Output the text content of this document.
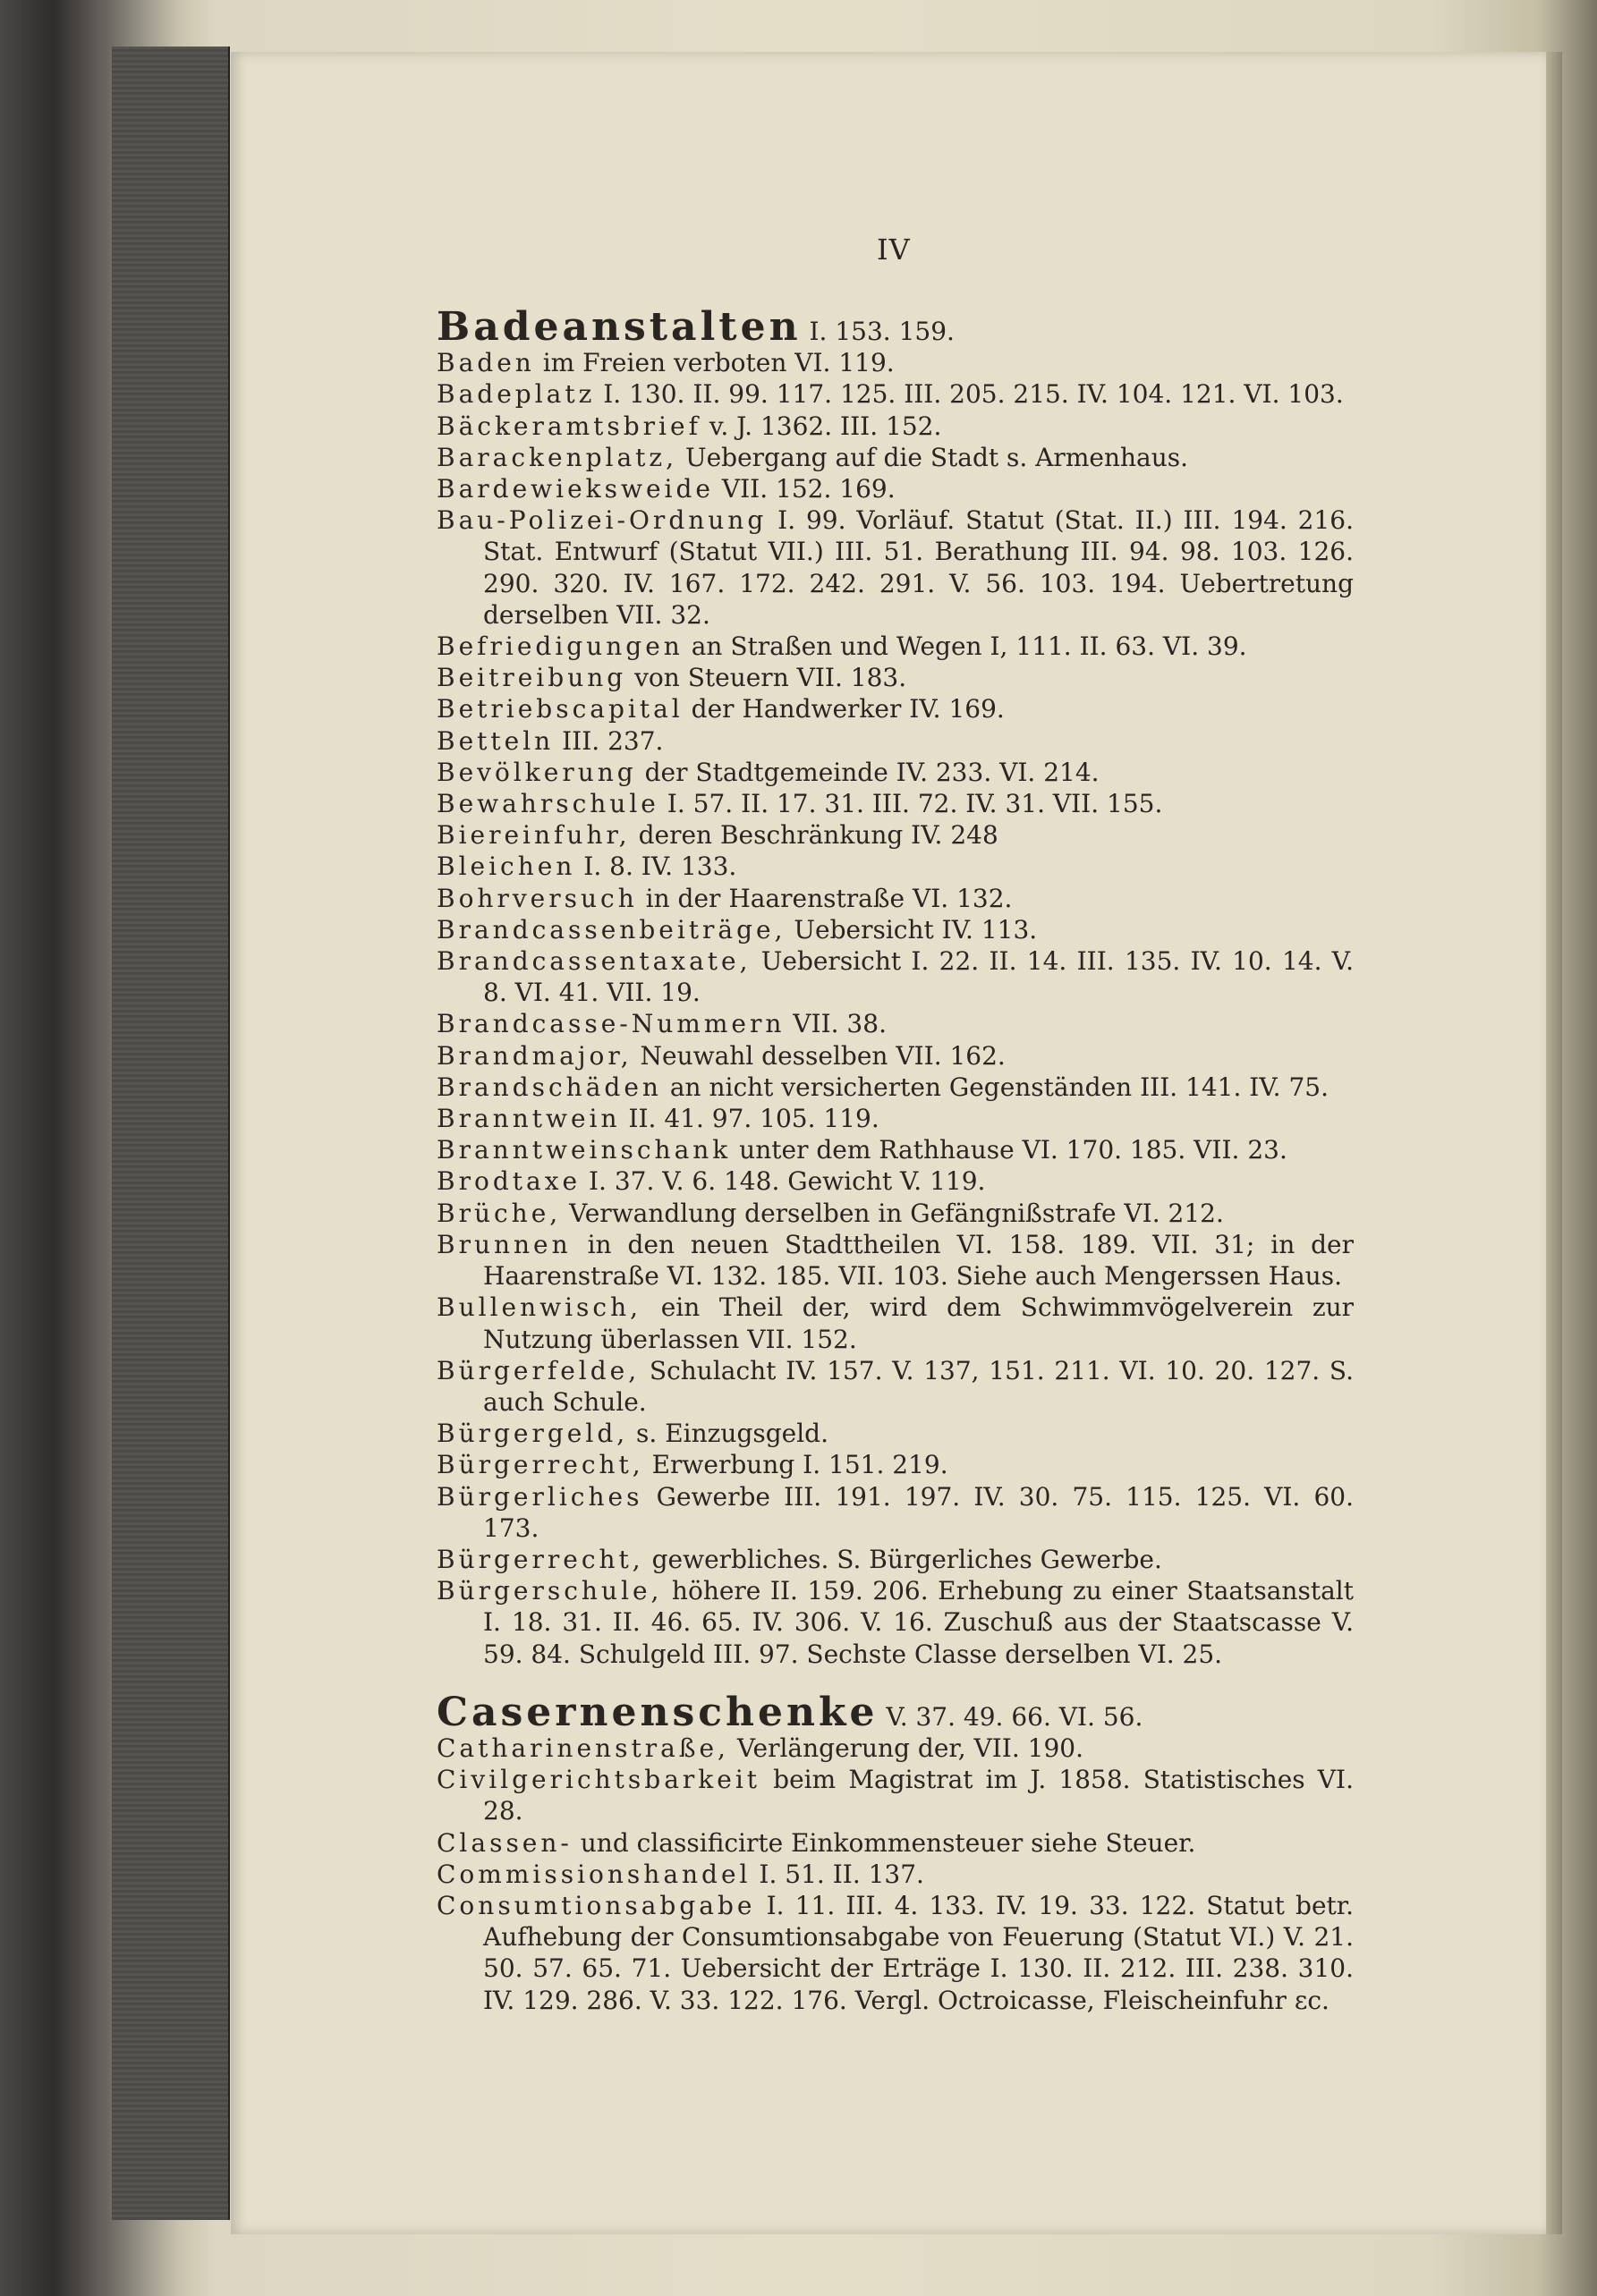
IV

Badeanstalten I. 153. 159.

Baden im Freien verboten VI. 119.

Badeplatz I. 130. II. 99. 117. 125. III. 205. 215. IV. 104. 121. VI. 103.

Bäckeramtsbrief v. J. 1362. III. 152.

Barackenplatz, Uebergang auf die Stadt s. Armenhaus.

Bardewieksweide VII. 152. 169.

Bau-Polizei-Ordnung I. 99. Vorläuf. Statut (Stat. II.) III. 194. 216. Stat. Entwurf (Statut VII.) III. 51. Berathung III. 94. 98. 103. 126. 290. 320. IV. 167. 172. 242. 291. V. 56. 103. 194. Uebertretung derselben VII. 32.

Befriedigungen an Straßen und Wegen I, 111. II. 63. VI. 39.

Beitreibung von Steuern VII. 183.

Betriebscapital der Handwerker IV. 169.

Betteln III. 237.

Bevölkerung der Stadtgemeinde IV. 233. VI. 214.

Bewahrschule I. 57. II. 17. 31. III. 72. IV. 31. VII. 155.

Biereinfuhr, deren Beschränkung IV. 248

Bleichen I. 8. IV. 133.

Bohrversuch in der Haarenstraße VI. 132.

Brandcassenbeiträge, Uebersicht IV. 113.

Brandcassentaxate, Uebersicht I. 22. II. 14. III. 135. IV. 10. 14. V. 8. VI. 41. VII. 19.

Brandcasse-Nummern VII. 38.

Brandmajor, Neuwahl desselben VII. 162.

Brandschäden an nicht versicherten Gegenständen III. 141. IV. 75.

Branntwein II. 41. 97. 105. 119.

Branntweinschank unter dem Rathhause VI. 170. 185. VII. 23.

Brodtaxe I. 37. V. 6. 148. Gewicht V. 119.

Brüche, Verwandlung derselben in Gefängnißstrafe VI. 212.

Brunnen in den neuen Stadttheilen VI. 158. 189. VII. 31; in der Haarenstraße VI. 132. 185. VII. 103. Siehe auch Mengerssen Haus.

Bullenwisch, ein Theil der, wird dem Schwimmvögelverein zur Nutzung überlassen VII. 152.

Bürgerfelde, Schulacht IV. 157. V. 137, 151. 211. VI. 10. 20. 127. S. auch Schule.

Bürgergeld, s. Einzugsgeld.

Bürgerrecht, Erwerbung I. 151. 219.

Bürgerliches Gewerbe III. 191. 197. IV. 30. 75. 115. 125. VI. 60. 173.

Bürgerrecht, gewerbliches. S. Bürgerliches Gewerbe.

Bürgerschule, höhere II. 159. 206. Erhebung zu einer Staatsanstalt I. 18. 31. II. 46. 65. IV. 306. V. 16. Zuschuß aus der Staatscasse V. 59. 84. Schulgeld III. 97. Sechste Classe derselben VI. 25.

Casernenschenke V. 37. 49. 66. VI. 56.

Catharinenstraße, Verlängerung der, VII. 190.

Civilgerichtsbarkeit beim Magistrat im J. 1858. Statistisches VI. 28.

Classen- und classificirte Einkommensteuer siehe Steuer.

Commissionshandel I. 51. II. 137.

Consumtionsabgabe I. 11. III. 4. 133. IV. 19. 33. 122. Statut betr. Aufhebung der Consumtionsabgabe von Feuerung (Statut VI.) V. 21. 50. 57. 65. 71. Uebersicht der Erträge I. 130. II. 212. III. 238. 310. IV. 129. 286. V. 33. 122. 176. Vergl. Octroicasse, Fleischeinfuhr ɛc.
